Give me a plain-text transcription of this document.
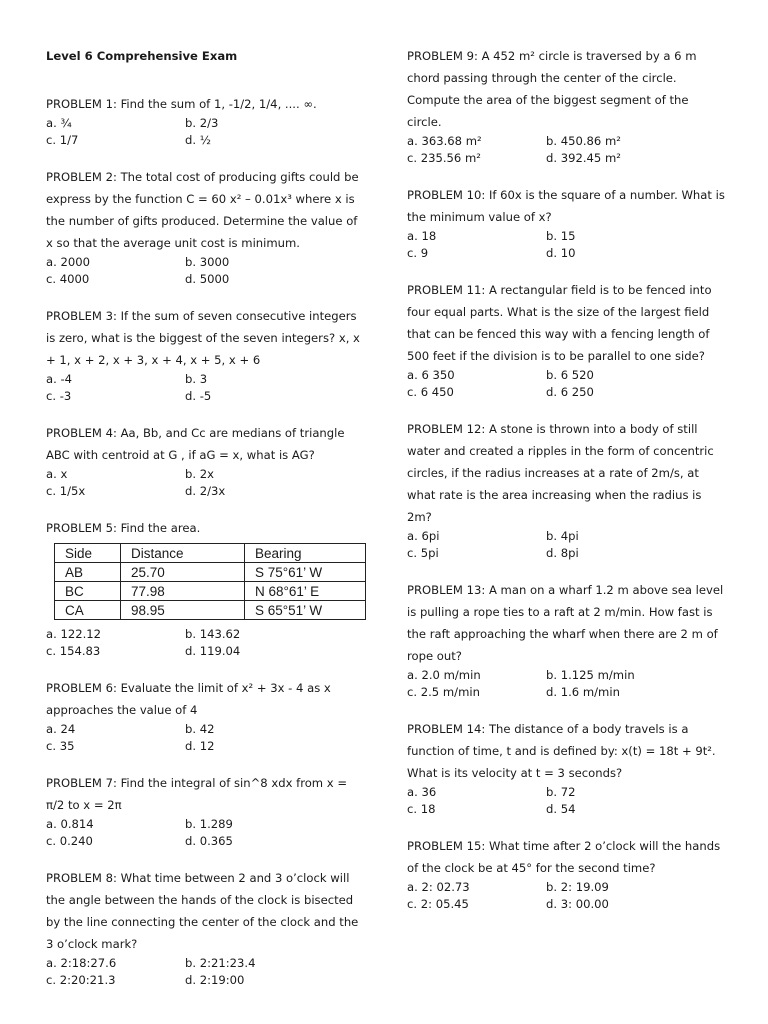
Level 6 Comprehensive Exam
PROBLEM 1: Find the sum of 1, -1/2, 1/4, .... ∞.
a. ¾	b. 2/3
c. 1/7	d. ½
PROBLEM 2: The total cost of producing gifts could be express by the function C = 60 x² – 0.01x³ where x is the number of gifts produced. Determine the value of x so that the average unit cost is minimum.
a. 2000	b. 3000
c. 4000	d. 5000
PROBLEM 3: If the sum of seven consecutive integers is zero, what is the biggest of the seven integers? x, x + 1, x + 2, x + 3, x + 4, x + 5, x + 6
a. -4	b. 3
c. -3	d. -5
PROBLEM 4: Aa, Bb, and Cc are medians of triangle ABC with centroid at G , if aG = x, what is AG?
a. x	b. 2x
c. 1/5x	d. 2/3x
PROBLEM 5: Find the area.
Side	Distance	Bearing
AB	25.70	S 75°61’ W
BC	77.98	N 68°61’ E
CA	98.95	S 65°51’ W
a. 122.12	b. 143.62
c. 154.83	d. 119.04
PROBLEM 6: Evaluate the limit of x² + 3x - 4 as x approaches the value of 4
a. 24	b. 42
c. 35	d. 12
PROBLEM 7: Find the integral of sin^8 xdx from x = π/2 to x = 2π
a. 0.814	b. 1.289
c. 0.240	d. 0.365
PROBLEM 8: What time between 2 and 3 o’clock will the angle between the hands of the clock is bisected by the line connecting the center of the clock and the 3 o’clock mark?
a. 2:18:27.6	b. 2:21:23.4
c. 2:20:21.3	d. 2:19:00
PROBLEM 9: A 452 m² circle is traversed by a 6 m chord passing through the center of the circle. Compute the area of the biggest segment of the circle.
a. 363.68 m²	b. 450.86 m²
c. 235.56 m²	d. 392.45 m²
PROBLEM 10: If 60x is the square of a number. What is the minimum value of x?
a. 18	b. 15
c. 9	d. 10
PROBLEM 11: A rectangular field is to be fenced into four equal parts. What is the size of the largest field that can be fenced this way with a fencing length of 500 feet if the division is to be parallel to one side?
a. 6 350	b. 6 520
c. 6 450	d. 6 250
PROBLEM 12: A stone is thrown into a body of still water and created a ripples in the form of concentric circles, if the radius increases at a rate of 2m/s, at what rate is the area increasing when the radius is 2m?
a. 6pi	b. 4pi
c. 5pi	d. 8pi
PROBLEM 13: A man on a wharf 1.2 m above sea level is pulling a rope ties to a raft at 2 m/min. How fast is the raft approaching the wharf when there are 2 m of rope out?
a. 2.0 m/min	b. 1.125 m/min
c. 2.5 m/min	d. 1.6 m/min
PROBLEM 14: The distance of a body travels is a function of time, t and is defined by: x(t) = 18t + 9t². What is its velocity at t = 3 seconds?
a. 36	b. 72
c. 18	d. 54
PROBLEM 15: What time after 2 o’clock will the hands of the clock be at 45° for the second time?
a. 2: 02.73	b. 2: 19.09
c. 2: 05.45	d. 3: 00.00
